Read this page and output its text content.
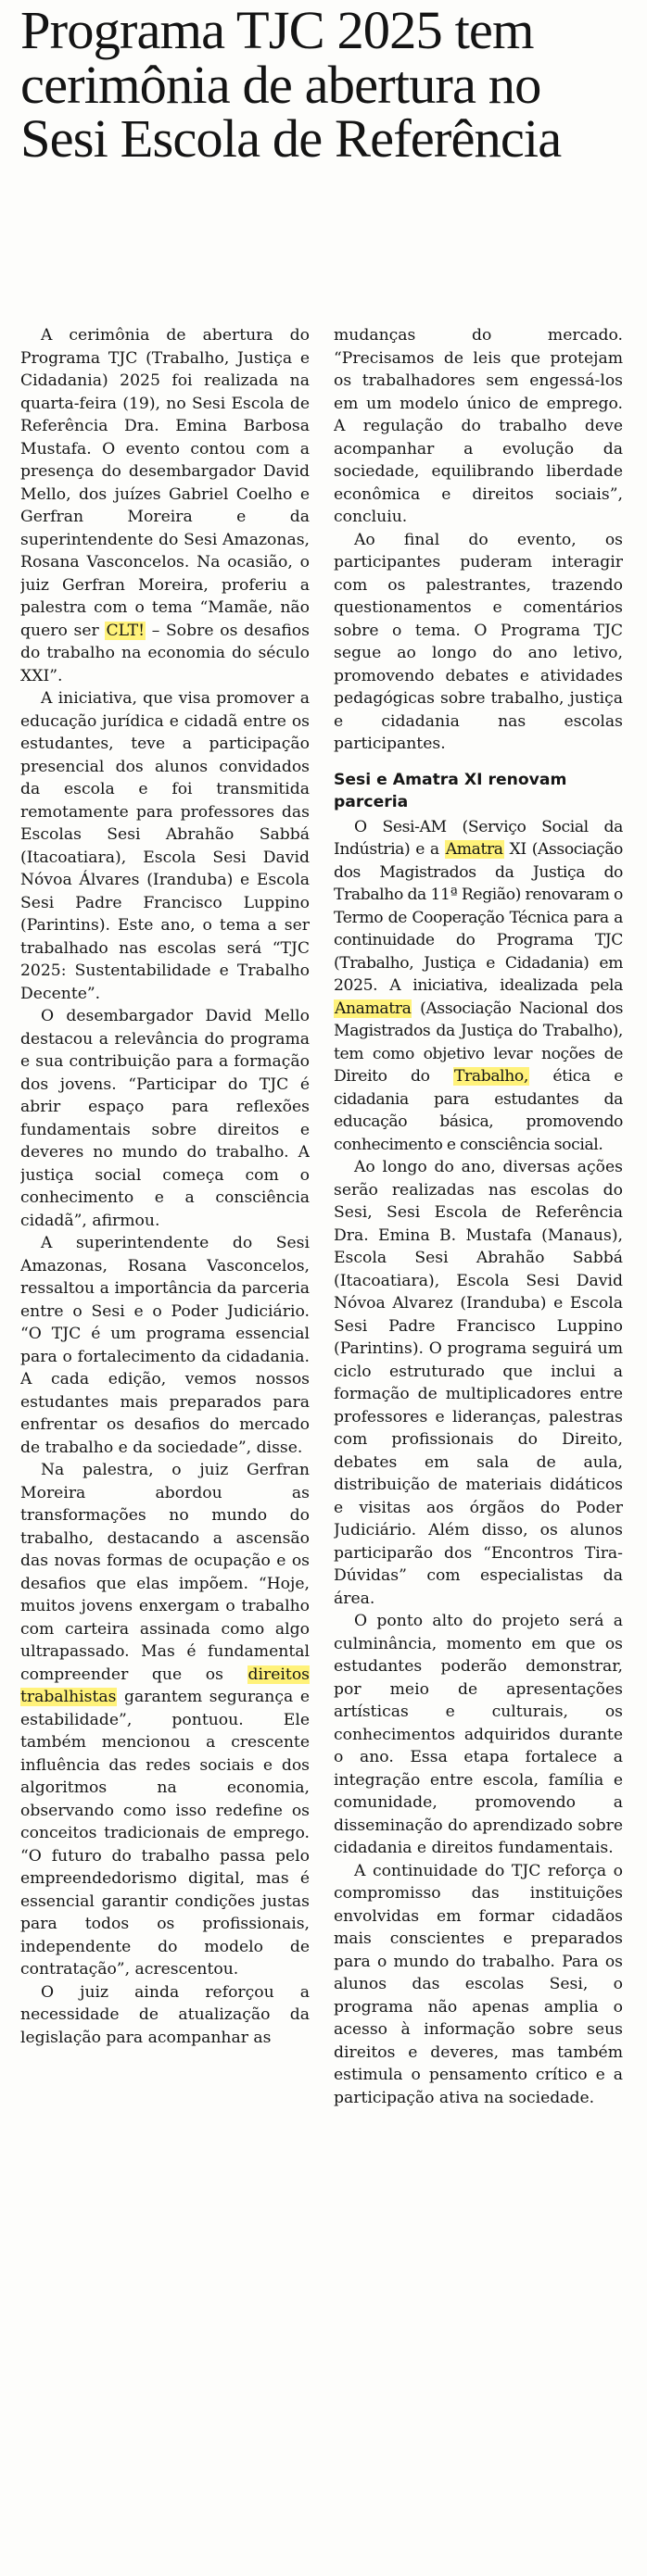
Programa TJC 2025 tem cerimônia de abertura no Sesi Escola de Referência

A cerimônia de abertura do Programa TJC (Trabalho, Justiça e Cidadania) 2025 foi realizada na quarta-feira (19), no Sesi Escola de Referência Dra. Emina Barbosa Mustafa. O evento contou com a presença do desembargador David Mello, dos juízes Gabriel Coelho e Gerfran Moreira e da superintendente do Sesi Amazonas, Rosana Vasconcelos. Na ocasião, o juiz Gerfran Moreira, proferiu a palestra com o tema “Mamãe, não quero ser CLT! – Sobre os desafios do trabalho na economia do século XXI”.

A iniciativa, que visa promover a educação jurídica e cidadã entre os estudantes, teve a participação presencial dos alunos convidados da escola e foi transmitida remotamente para professores das Escolas Sesi Abrahão Sabbá (Itacoatiara), Escola Sesi David Nóvoa Álvares (Iranduba) e Escola Sesi Padre Francisco Luppino (Parintins). Este ano, o tema a ser trabalhado nas escolas será “TJC 2025: Sustentabilidade e Trabalho Decente”.

O desembargador David Mello destacou a relevância do programa e sua contribuição para a formação dos jovens. “Participar do TJC é abrir espaço para reflexões fundamentais sobre direitos e deveres no mundo do trabalho. A justiça social começa com o conhecimento e a consciência cidadã”, afirmou.

A superintendente do Sesi Amazonas, Rosana Vasconcelos, ressaltou a importância da parceria entre o Sesi e o Poder Judiciário. “O TJC é um programa essencial para o fortalecimento da cidadania. A cada edição, vemos nossos estudantes mais preparados para enfrentar os desafios do mercado de trabalho e da sociedade”, disse.

Na palestra, o juiz Gerfran Moreira abordou as transformações no mundo do trabalho, destacando a ascensão das novas formas de ocupação e os desafios que elas impõem. “Hoje, muitos jovens enxergam o trabalho com carteira assinada como algo ultrapassado. Mas é fundamental compreender que os direitos trabalhistas garantem segurança e estabilidade”, pontuou. Ele também mencionou a crescente influência das redes sociais e dos algoritmos na economia, observando como isso redefine os conceitos tradicionais de emprego. “O futuro do trabalho passa pelo empreendedorismo digital, mas é essencial garantir condições justas para todos os profissionais, independente do modelo de contratação”, acrescentou.

O juiz ainda reforçou a necessidade de atualização da legislação para acompanhar as

mudanças do mercado. “Precisamos de leis que protejam os trabalhadores sem engessá-los em um modelo único de emprego. A regulação do trabalho deve acompanhar a evolução da sociedade, equilibrando liberdade econômica e direitos sociais”, concluiu.

Ao final do evento, os participantes puderam interagir com os palestrantes, trazendo questionamentos e comentários sobre o tema. O Programa TJC segue ao longo do ano letivo, promovendo debates e atividades pedagógicas sobre trabalho, justiça e cidadania nas escolas participantes.

Sesi e Amatra XI renovam parceria

O Sesi-AM (Serviço Social da Indústria) e a Amatra XI (Associação dos Magistrados da Justiça do Trabalho da 11ª Região) renovaram o Termo de Cooperação Técnica para a continuidade do Programa TJC (Trabalho, Justiça e Cidadania) em 2025. A iniciativa, idealizada pela Anamatra (Associação Nacional dos Magistrados da Justiça do Trabalho), tem como objetivo levar noções de Direito do Trabalho, ética e cidadania para estudantes da educação básica, promovendo conhecimento e consciência social.

Ao longo do ano, diversas ações serão realizadas nas escolas do Sesi, Sesi Escola de Referência Dra. Emina B. Mustafa (Manaus), Escola Sesi Abrahão Sabbá (Itacoatiara), Escola Sesi David Nóvoa Alvarez (Iranduba) e Escola Sesi Padre Francisco Luppino (Parintins). O programa seguirá um ciclo estruturado que inclui a formação de multiplicadores entre professores e lideranças, palestras com profissionais do Direito, debates em sala de aula, distribuição de materiais didáticos e visitas aos órgãos do Poder Judiciário. Além disso, os alunos participarão dos “Encontros Tira-Dúvidas” com especialistas da área.

O ponto alto do projeto será a culminância, momento em que os estudantes poderão demonstrar, por meio de apresentações artísticas e culturais, os conhecimentos adquiridos durante o ano. Essa etapa fortalece a integração entre escola, família e comunidade, promovendo a disseminação do aprendizado sobre cidadania e direitos fundamentais.

A continuidade do TJC reforça o compromisso das instituições envolvidas em formar cidadãos mais conscientes e preparados para o mundo do trabalho. Para os alunos das escolas Sesi, o programa não apenas amplia o acesso à informação sobre seus direitos e deveres, mas também estimula o pensamento crítico e a participação ativa na sociedade.
